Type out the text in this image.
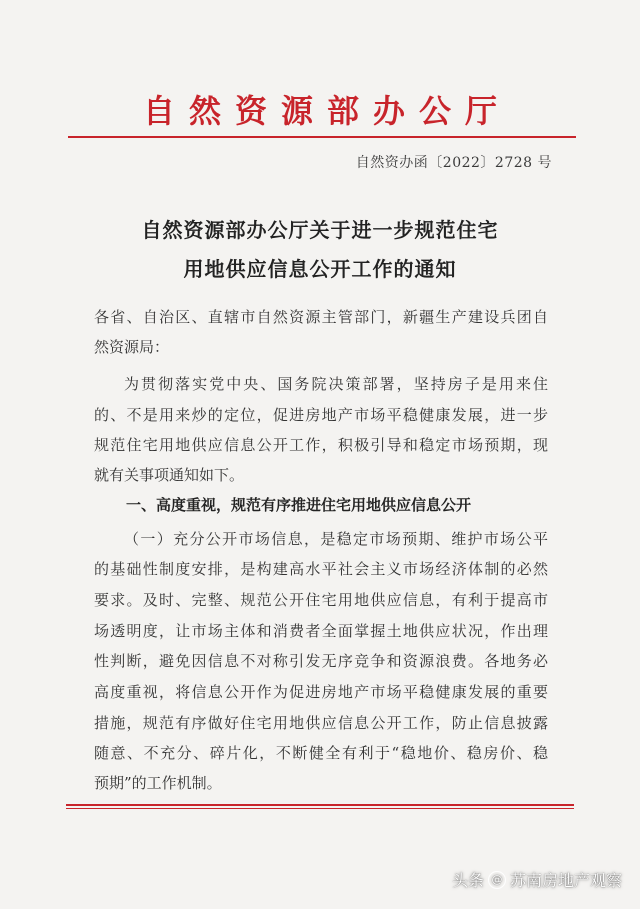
自然资源部办公厅
自然资办函〔2022〕2728 号
自然资源部办公厅关于进一步规范住宅
用地供应信息公开工作的通知
各省、自治区、直辖市自然资源主管部门，新疆生产建设兵团自
然资源局：
为贯彻落实党中央、国务院决策部署，坚持房子是用来住
的、不是用来炒的定位，促进房地产市场平稳健康发展，进一步
规范住宅用地供应信息公开工作，积极引导和稳定市场预期，现
就有关事项通知如下。
一、高度重视，规范有序推进住宅用地供应信息公开
（一）充分公开市场信息，是稳定市场预期、维护市场公平
的基础性制度安排，是构建高水平社会主义市场经济体制的必然
要求。及时、完整、规范公开住宅用地供应信息，有利于提高市
场透明度，让市场主体和消费者全面掌握土地供应状况，作出理
性判断，避免因信息不对称引发无序竞争和资源浪费。各地务必
高度重视，将信息公开作为促进房地产市场平稳健康发展的重要
措施，规范有序做好住宅用地供应信息公开工作，防止信息披露
随意、不充分、碎片化，不断健全有利于“稳地价、稳房价、稳
预期”的工作机制。
头条 @ 苏南房地产观察
